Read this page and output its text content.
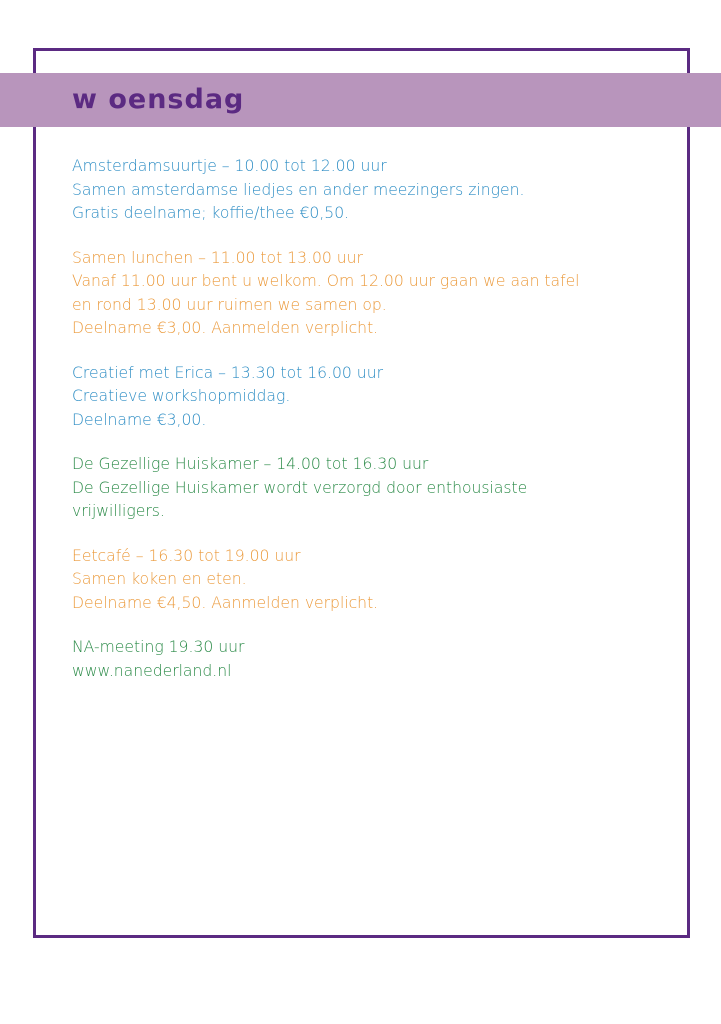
w oensdag
Amsterdamsuurtje – 10.00 tot 12.00 uur
Samen amsterdamse liedjes en ander meezingers zingen.
Gratis deelname; koffie/thee €0,50.
Samen lunchen – 11.00 tot 13.00 uur
Vanaf 11.00 uur bent u welkom. Om 12.00 uur gaan we aan tafel
en rond 13.00 uur ruimen we samen op.
Deelname €3,00. Aanmelden verplicht.
Creatief met Erica – 13.30 tot 16.00 uur
Creatieve workshopmiddag.
Deelname €3,00.
De Gezellige Huiskamer – 14.00 tot 16.30 uur
De Gezellige Huiskamer wordt verzorgd door enthousiaste
vrijwilligers.
Eetcafé – 16.30 tot 19.00 uur
Samen koken en eten.
Deelname €4,50. Aanmelden verplicht.
NA-meeting 19.30 uur
www.nanederland.nl
